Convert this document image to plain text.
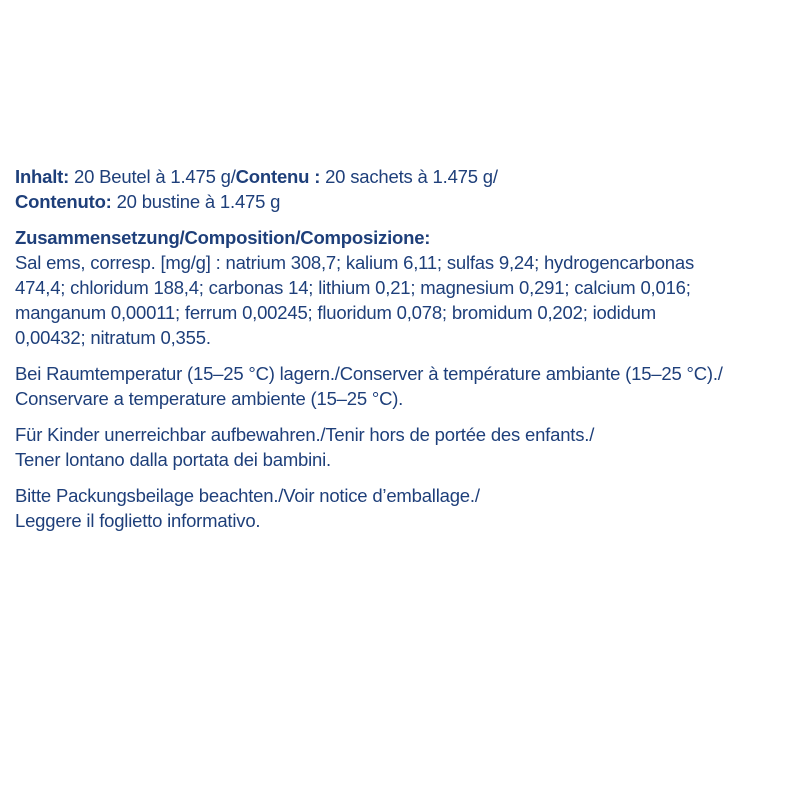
Inhalt: 20 Beutel à 1.475 g/Contenu : 20 sachets à 1.475 g/
Contenuto: 20 bustine à 1.475 g

Zusammensetzung/Composition/Composizione:
Sal ems, corresp. [mg/g] : natrium 308,7; kalium 6,11; sulfas 9,24; hydrogencarbonas
474,4; chloridum 188,4; carbonas 14; lithium 0,21; magnesium 0,291; calcium 0,016;
manganum 0,00011; ferrum 0,00245; fluoridum 0,078; bromidum 0,202; iodidum
0,00432; nitratum 0,355.

Bei Raumtemperatur (15–25 °C) lagern./Conserver à température ambiante (15–25 °C)./
Conservare a temperature ambiente (15–25 °C).

Für Kinder unerreichbar aufbewahren./Tenir hors de portée des enfants./
Tener lontano dalla portata dei bambini.

Bitte Packungsbeilage beachten./Voir notice d’emballage./
Leggere il foglietto informativo.
